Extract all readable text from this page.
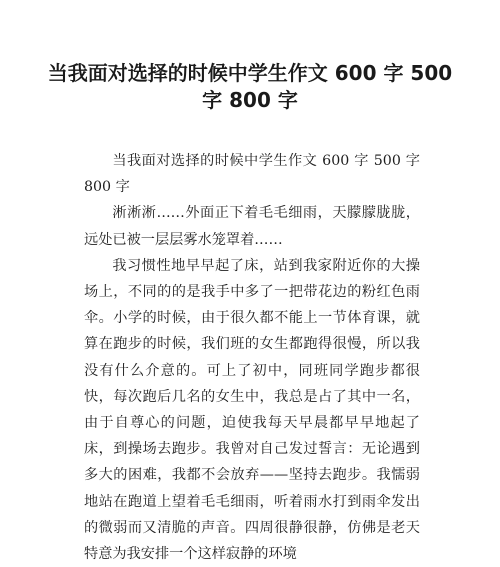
当我面对选择的时候中学生作文 600 字 500 字 800 字

当我面对选择的时候中学生作文 600 字 500 字 800 字

淅淅淅……外面正下着毛毛细雨，天朦朦胧胧，远处已被一层层雾水笼罩着……

我习惯性地早早起了床，站到我家附近你的大操场上，不同的的是我手中多了一把带花边的粉红色雨伞。小学的时候，由于很久都不能上一节体育课，就算在跑步的时候，我们班的女生都跑得很慢，所以我没有什么介意的。可上了初中，同班同学跑步都很快，每次跑后几名的女生中，我总是占了其中一名，由于自尊心的问题，迫使我每天早晨都早早地起了床，到操场去跑步。我曾对自己发过誓言：无论遇到多大的困难，我都不会放弃——坚持去跑步。我懦弱地站在跑道上望着毛毛细雨，听着雨水打到雨伞发出的微弱而又清脆的声音。四周很静很静，仿佛是老天特意为我安排一个这样寂静的环境
